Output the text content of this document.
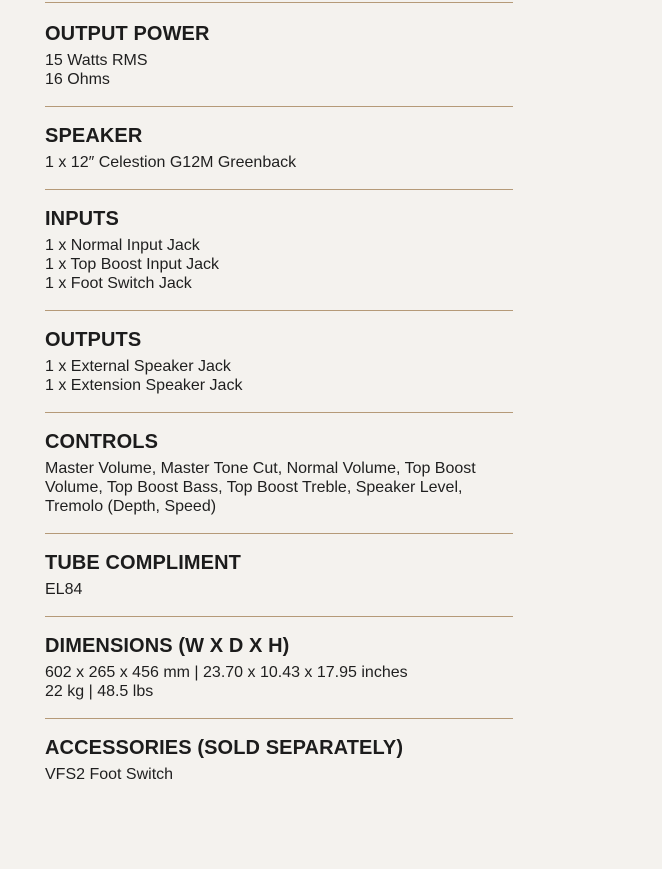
OUTPUT POWER

15 Watts RMS

16 Ohms

SPEAKER

1 x 12″ Celestion G12M Greenback

INPUTS

1 x Normal Input Jack

1 x Top Boost Input Jack

1 x Foot Switch Jack

OUTPUTS

1 x External Speaker Jack

1 x Extension Speaker Jack

CONTROLS

Master Volume, Master Tone Cut, Normal Volume, Top Boost Volume, Top Boost Bass, Top Boost Treble, Speaker Level, Tremolo (Depth, Speed)

TUBE COMPLIMENT

EL84

DIMENSIONS (W X D X H)

602 x 265 x 456 mm | 23.70 x 10.43 x 17.95 inches

22 kg | 48.5 lbs

ACCESSORIES (SOLD SEPARATELY)

VFS2 Foot Switch
